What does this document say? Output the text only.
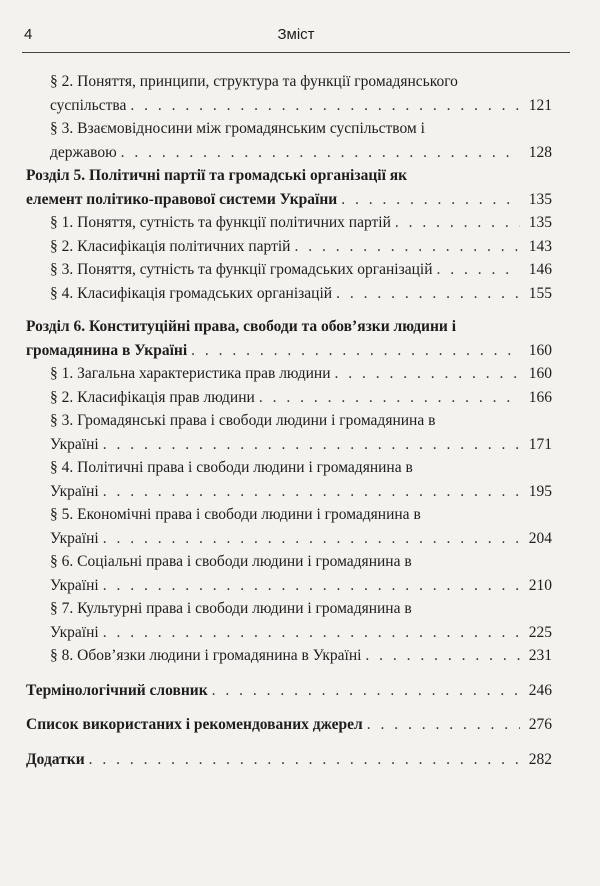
4	Зміст
§ 2. Поняття, принципи, структура та функції громадянського
суспільства . . .	121
§ 3. Взаємовідносини між громадянським суспільством і
державою . . .	128
Розділ 5. Політичні партії та громадські організації як
елемент політико-правової системи України . . .	135
§ 1. Поняття, сутність та функції політичних партій . . .	135
§ 2. Класифікація політичних партій . . .	143
§ 3. Поняття, сутність та функції громадських організацій . . .	146
§ 4. Класифікація громадських організацій . . .	155
Розділ 6. Конституційні права, свободи та обов’язки людини і
громадянина в Україні . . .	160
§ 1. Загальна характеристика прав людини . . .	160
§ 2. Класифікація прав людини . . .	166
§ 3. Громадянські права і свободи людини і громадянина в
Україні . . .	171
§ 4. Політичні права і свободи людини і громадянина в
Україні . . .	195
§ 5. Економічні права і свободи людини і громадянина в
Україні . . .	204
§ 6. Соціальні права і свободи людини і громадянина в
Україні . . .	210
§ 7. Культурні права і свободи людини і громадянина в
Україні . . .	225
§ 8. Обов’язки людини і громадянина в Україні . . .	231
Термінологічний словник . . .	246
Список використаних і рекомендованих джерел . . .	276
Додатки . . .	282
